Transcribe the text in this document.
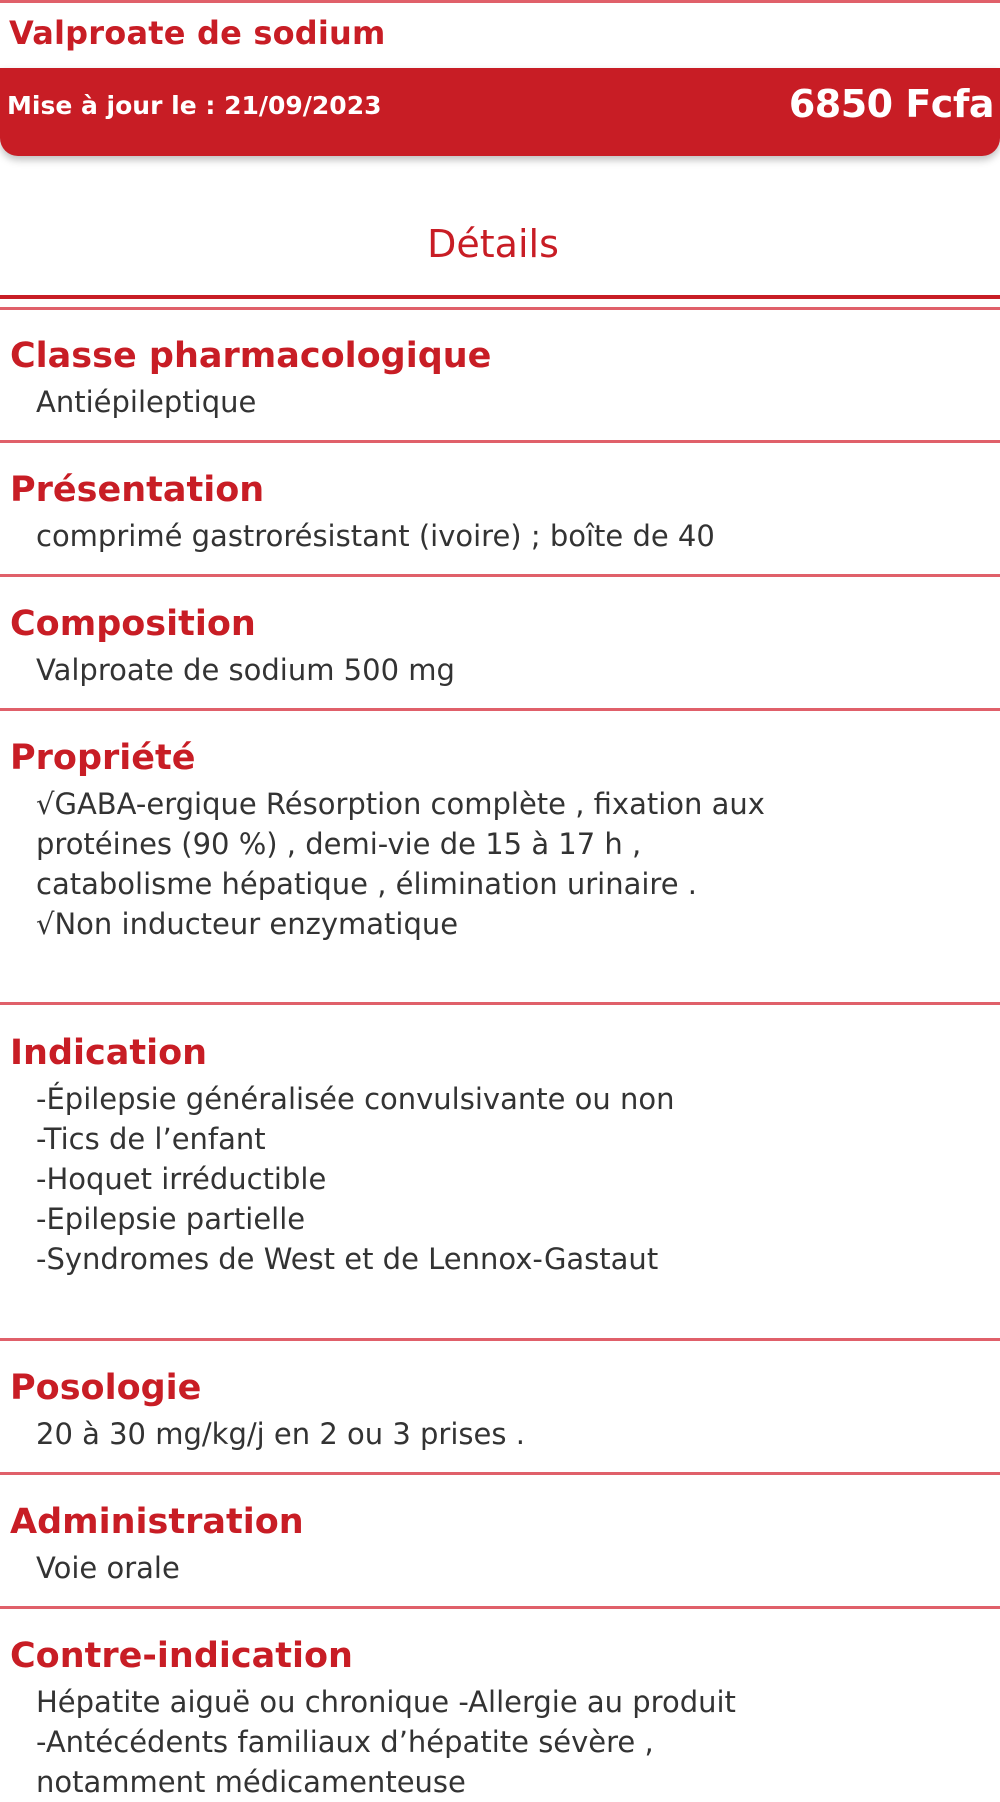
Valproate de sodium
Mise à jour le : 21/09/2023	6850 Fcfa
Détails
Classe pharmacologique
Antiépileptique
Présentation
comprimé gastrorésistant (ivoire) ; boîte de 40
Composition
Valproate de sodium 500 mg
Propriété
√GABA-ergique Résorption complète , fixation aux
protéines (90 %) , demi-vie de 15 à 17 h ,
catabolisme hépatique , élimination urinaire .
√Non inducteur enzymatique
Indication
-Épilepsie généralisée convulsivante ou non
-Tics de l’enfant
-Hoquet irréductible
-Epilepsie partielle
-Syndromes de West et de Lennox-Gastaut
Posologie
20 à 30 mg/kg/j en 2 ou 3 prises .
Administration
Voie orale
Contre-indication
Hépatite aiguë ou chronique -Allergie au produit
-Antécédents familiaux d’hépatite sévère ,
notamment médicamenteuse
